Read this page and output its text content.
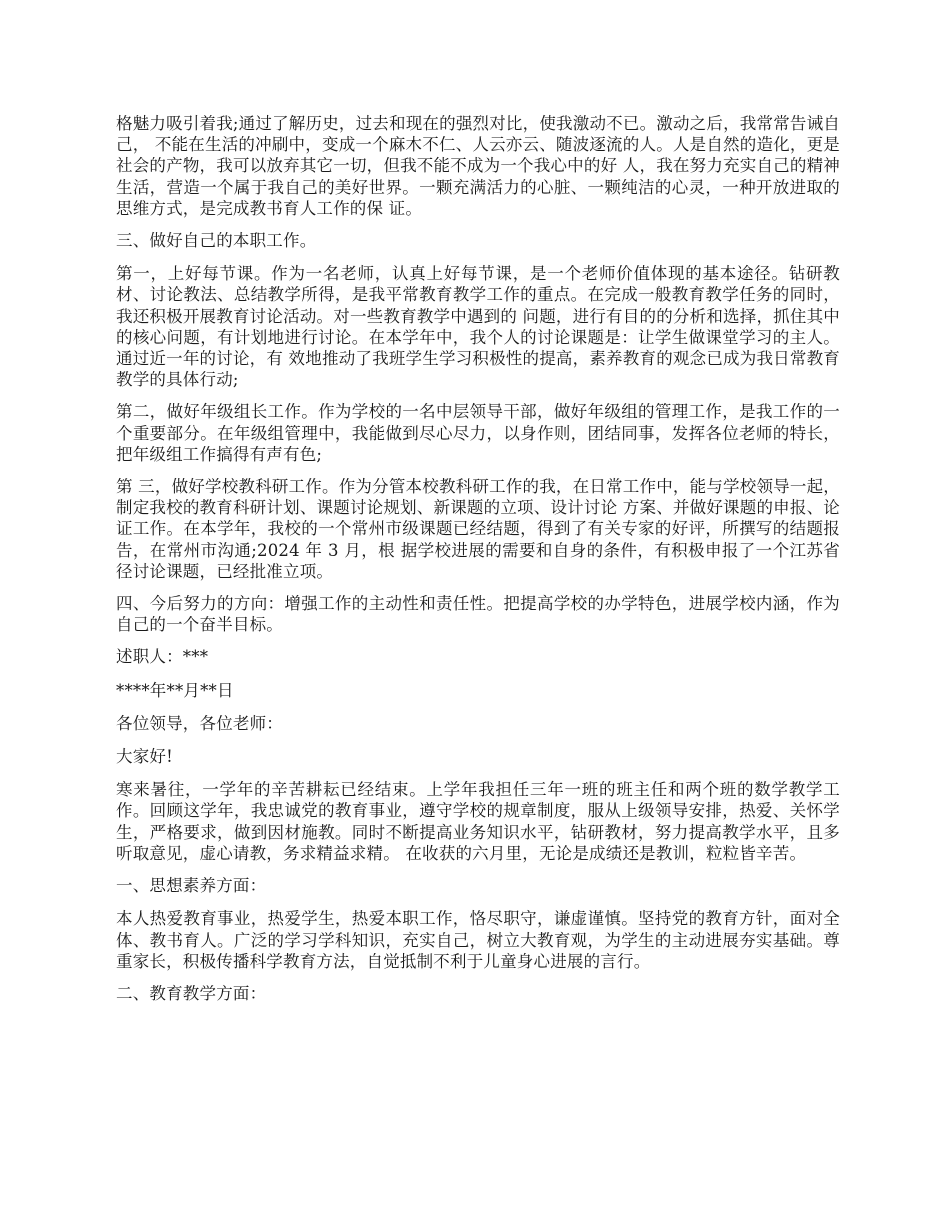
格魅力吸引着我;通过了解历史，过去和现在的强烈对比，使我激动不已。激动之后，我常常告诫自己， 不能在生活的冲刷中，变成一个麻木不仁、人云亦云、随波逐流的人。人是自然的造化，更是社会的产物，我可以放弃其它一切，但我不能不成为一个我心中的好 人，我在努力充实自己的精神生活，营造一个属于我自己的美好世界。一颗充满活力的心脏、一颗纯洁的心灵，一种开放进取的思维方式，是完成教书育人工作的保 证。

三、做好自己的本职工作。

第一，上好每节课。作为一名老师，认真上好每节课，是一个老师价值体现的基本途径。钻研教材、讨论教法、总结教学所得，是我平常教育教学工作的重点。在完成一般教育教学任务的同时，我还积极开展教育讨论活动。对一些教育教学中遇到的 问题，进行有目的的分析和选择，抓住其中的核心问题，有计划地进行讨论。在本学年中，我个人的讨论课题是：让学生做课堂学习的主人。通过近一年的讨论，有 效地推动了我班学生学习积极性的提高，素养教育的观念已成为我日常教育教学的具体行动;

第二，做好年级组长工作。作为学校的一名中层领导干部，做好年级组的管理工作，是我工作的一个重要部分。在年级组管理中，我能做到尽心尽力，以身作则，团结同事，发挥各位老师的特长，把年级组工作搞得有声有色;

第 三，做好学校教科研工作。作为分管本校教科研工作的我，在日常工作中，能与学校领导一起，制定我校的教育科研计划、课题讨论规划、新课题的立项、设计讨论 方案、并做好课题的申报、论证工作。在本学年，我校的一个常州市级课题已经结题，得到了有关专家的好评，所撰写的结题报告，在常州市沟通;2024 年 3 月，根 据学校进展的需要和自身的条件，有积极申报了一个江苏省径讨论课题，已经批准立项。

四、今后努力的方向：增强工作的主动性和责任性。把提高学校的办学特色，进展学校内涵，作为自己的一个奋半目标。

述职人：***

****年**月**日

各位领导，各位老师：

大家好!

寒来暑往，一学年的辛苦耕耘已经结束。上学年我担任三年一班的班主任和两个班的数学教学工作。回顾这学年，我忠诚党的教育事业，遵守学校的规章制度，服从上级领导安排，热爱、关怀学生，严格要求，做到因材施教。同时不断提高业务知识水平，钻研教材，努力提高教学水平，且多听取意见，虚心请教，务求精益求精。 在收获的六月里，无论是成绩还是教训，粒粒皆辛苦。

一、思想素养方面：

本人热爱教育事业，热爱学生，热爱本职工作，恪尽职守，谦虚谨慎。坚持党的教育方针，面对全体、教书育人。广泛的学习学科知识，充实自己，树立大教育观，为学生的主动进展夯实基础。尊重家长，积极传播科学教育方法，自觉抵制不利于儿童身心进展的言行。

二、教育教学方面：
